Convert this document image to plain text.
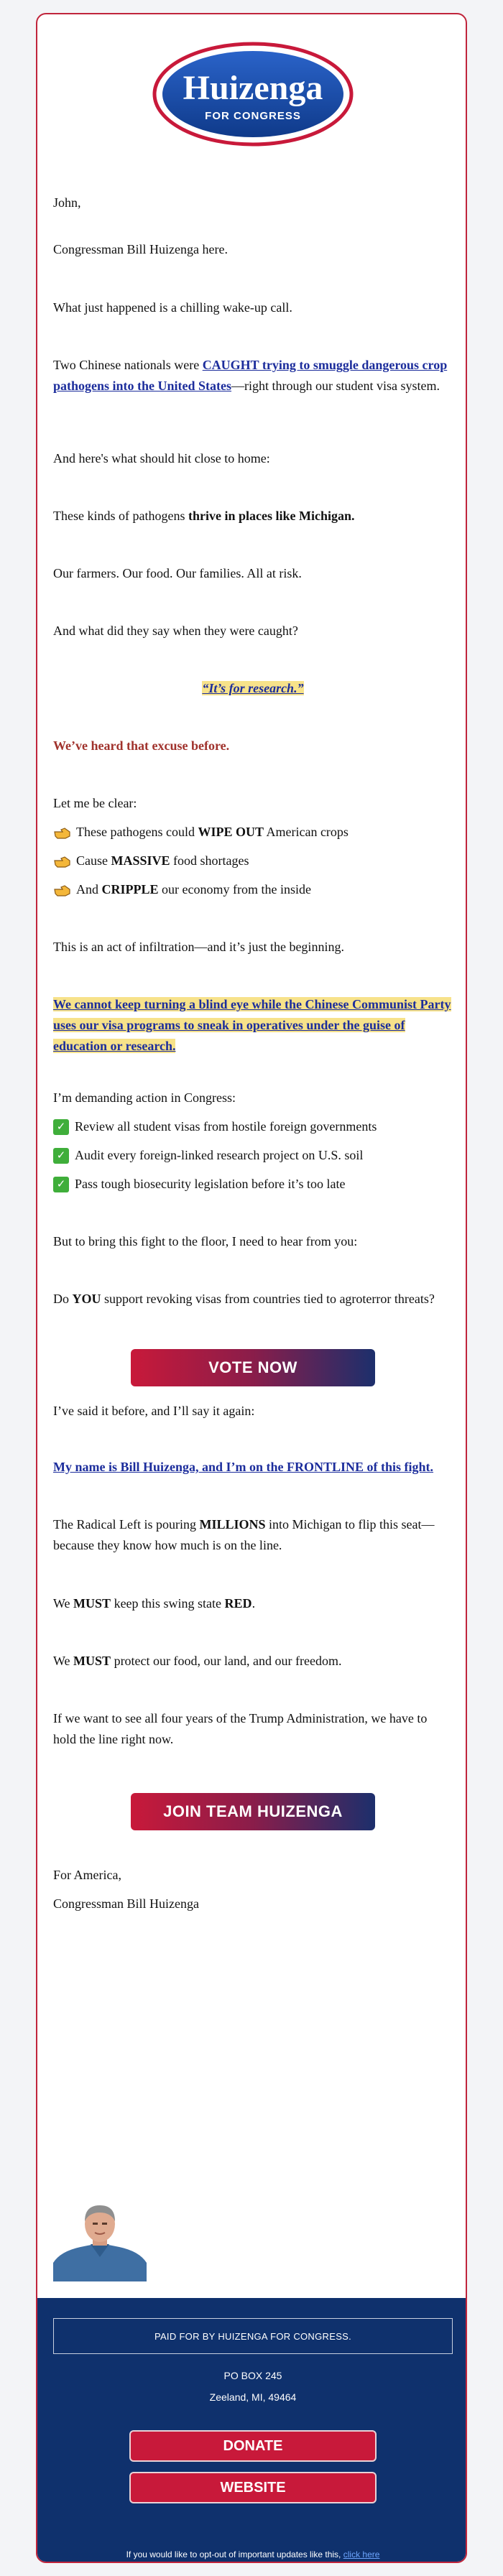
Huizenga
FOR CONGRESS

John,

Congressman Bill Huizenga here.

What just happened is a chilling wake-up call.

Two Chinese nationals were CAUGHT trying to smuggle dangerous crop pathogens into the United States—right through our student visa system.

And here's what should hit close to home:

These kinds of pathogens thrive in places like Michigan.

Our farmers. Our food. Our families. All at risk.

And what did they say when they were caught?

“It’s for research.”

We’ve heard that excuse before.

Let me be clear:

These pathogens could WIPE OUT American crops

Cause MASSIVE food shortages

And CRIPPLE our economy from the inside

This is an act of infiltration—and it’s just the beginning.

We cannot keep turning a blind eye while the Chinese Communist Party uses our visa programs to sneak in operatives under the guise of education or research.

I’m demanding action in Congress:

✓ Review all student visas from hostile foreign governments

✓ Audit every foreign-linked research project on U.S. soil

✓ Pass tough biosecurity legislation before it’s too late

But to bring this fight to the floor, I need to hear from you:

Do YOU support revoking visas from countries tied to agroterror threats?

VOTE NOW

I’ve said it before, and I’ll say it again:

My name is Bill Huizenga, and I’m on the FRONTLINE of this fight.

The Radical Left is pouring MILLIONS into Michigan to flip this seat—because they know how much is on the line.

We MUST keep this swing state RED.

We MUST protect our food, our land, and our freedom.

If we want to see all four years of the Trump Administration, we have to hold the line right now.

JOIN TEAM HUIZENGA

For America,

Congressman Bill Huizenga

PAID FOR BY HUIZENGA FOR CONGRESS.
PO BOX 245
Zeeland, MI, 49464
DONATE
WEBSITE
If you would like to opt-out of important updates like this, click here
